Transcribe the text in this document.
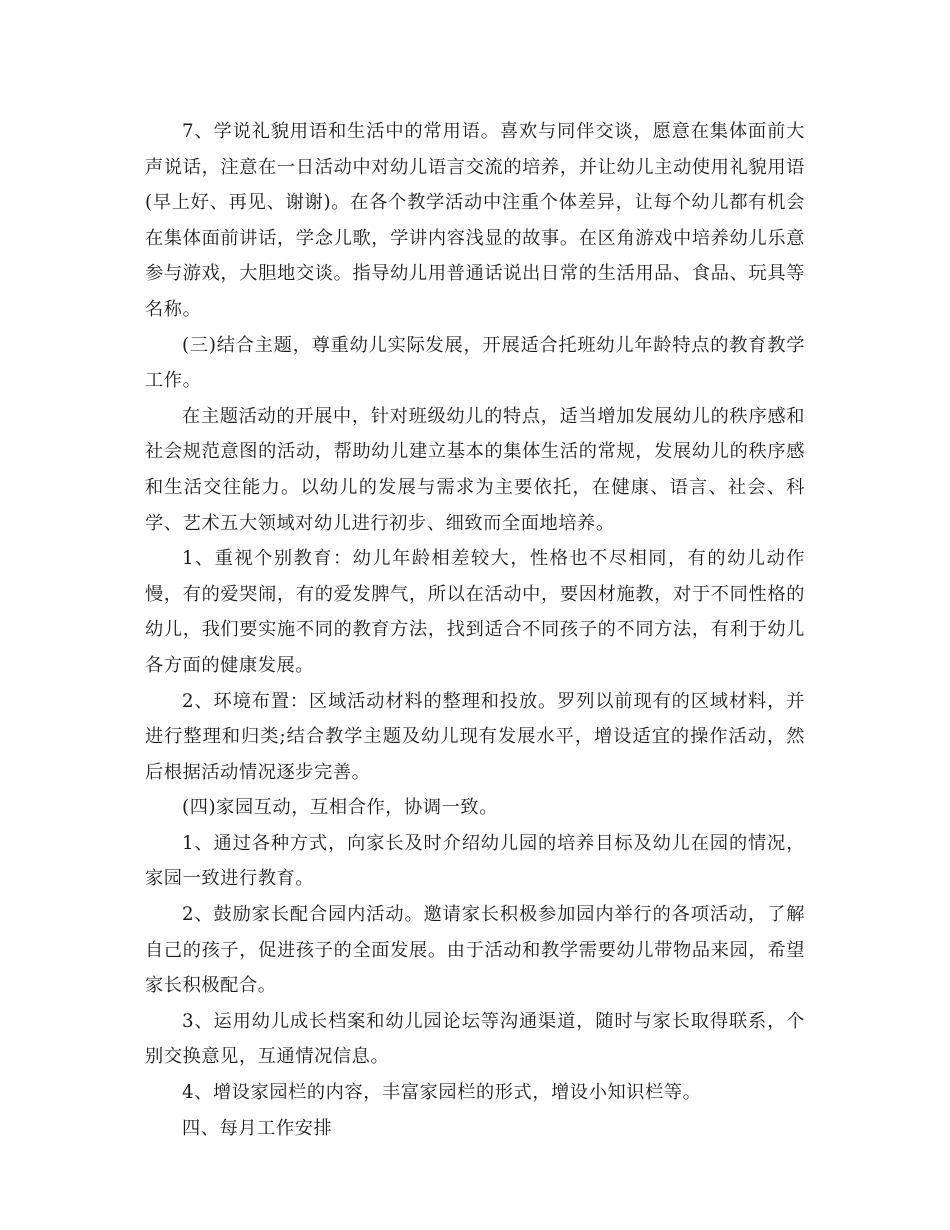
7、学说礼貌用语和生活中的常用语。喜欢与同伴交谈，愿意在集体面前大声说话，注意在一日活动中对幼儿语言交流的培养，并让幼儿主动使用礼貌用语(早上好、再见、谢谢)。在各个教学活动中注重个体差异，让每个幼儿都有机会在集体面前讲话，学念儿歌，学讲内容浅显的故事。在区角游戏中培养幼儿乐意参与游戏，大胆地交谈。指导幼儿用普通话说出日常的生活用品、食品、玩具等名称。

(三)结合主题，尊重幼儿实际发展，开展适合托班幼儿年龄特点的教育教学工作。

在主题活动的开展中，针对班级幼儿的特点，适当增加发展幼儿的秩序感和社会规范意图的活动，帮助幼儿建立基本的集体生活的常规，发展幼儿的秩序感和生活交往能力。以幼儿的发展与需求为主要依托，在健康、语言、社会、科学、艺术五大领域对幼儿进行初步、细致而全面地培养。

1、重视个别教育：幼儿年龄相差较大，性格也不尽相同，有的幼儿动作慢，有的爱哭闹，有的爱发脾气，所以在活动中，要因材施教，对于不同性格的幼儿，我们要实施不同的教育方法，找到适合不同孩子的不同方法，有利于幼儿各方面的健康发展。

2、环境布置：区域活动材料的整理和投放。罗列以前现有的区域材料，并进行整理和归类;结合教学主题及幼儿现有发展水平，增设适宜的操作活动，然后根据活动情况逐步完善。

(四)家园互动，互相合作，协调一致。

1、通过各种方式，向家长及时介绍幼儿园的培养目标及幼儿在园的情况，家园一致进行教育。

2、鼓励家长配合园内活动。邀请家长积极参加园内举行的各项活动，了解自己的孩子，促进孩子的全面发展。由于活动和教学需要幼儿带物品来园，希望家长积极配合。

3、运用幼儿成长档案和幼儿园论坛等沟通渠道，随时与家长取得联系，个别交换意见，互通情况信息。

4、增设家园栏的内容，丰富家园栏的形式，增设小知识栏等。

四、每月工作安排
